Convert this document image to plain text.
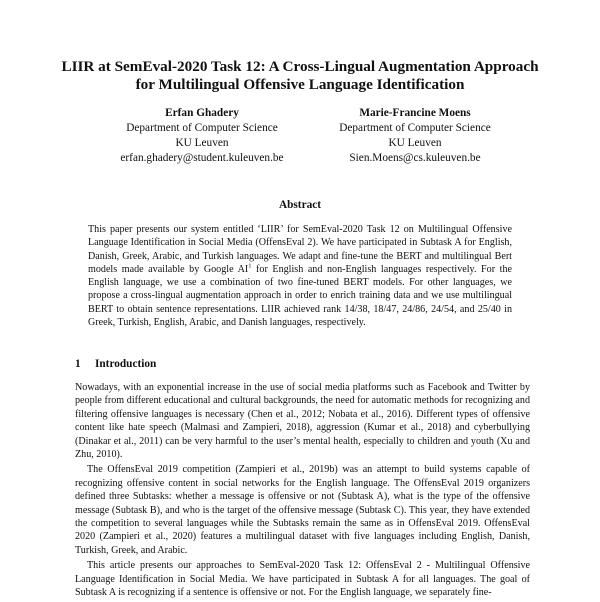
LIIR at SemEval-2020 Task 12: A Cross-Lingual Augmentation Approach
for Multilingual Offensive Language Identification
Erfan Ghadery
Department of Computer Science
KU Leuven
erfan.ghadery@student.kuleuven.be
Marie-Francine Moens
Department of Computer Science
KU Leuven
Sien.Moens@cs.kuleuven.be
Abstract

This paper presents our system entitled ‘LIIR’ for SemEval-2020 Task 12 on Multilingual Offensive Language Identification in Social Media (OffensEval 2). We have participated in Subtask A for English, Danish, Greek, Arabic, and Turkish languages. We adapt and fine-tune the BERT and multilingual Bert models made available by Google $AI^1$ for English and non-English languages respectively. For the English language, we use a combination of two fine-tuned BERT models. For other languages, we propose a cross-lingual augmentation approach in order to enrich training data and we use multilingual BERT to obtain sentence representations. LIIR achieved rank 14/38, 18/47, 24/86, 24/54, and 25/40 in Greek, Turkish, English, Arabic, and Danish languages, respectively.

1 Introduction

Nowadays, with an exponential increase in the use of social media platforms such as Facebook and Twitter by people from different educational and cultural backgrounds, the need for automatic methods for recognizing and filtering offensive languages is necessary (Chen et al., 2012; Nobata et al., 2016). Different types of offensive content like hate speech (Malmasi and Zampieri, 2018), aggression (Kumar et al., 2018) and cyberbullying (Dinakar et al., 2011) can be very harmful to the user’s mental health, especially to children and youth (Xu and Zhu, 2010).

The OffensEval 2019 competition (Zampieri et al., 2019b) was an attempt to build systems capable of recognizing offensive content in social networks for the English language. The OffensEval 2019 organizers defined three Subtasks: whether a message is offensive or not (Subtask A), what is the type of the offensive message (Subtask B), and who is the target of the offensive message (Subtask C). This year, they have extended the competition to several languages while the Subtasks remain the same as in OffensEval 2019. OffensEval 2020 (Zampieri et al., 2020) features a multilingual dataset with five languages including English, Danish, Turkish, Greek, and Arabic.

This article presents our approaches to SemEval-2020 Task 12: OffensEval 2 - Multilingual Offensive Language Identification in Social Media. We have participated in Subtask A for all languages. The goal of Subtask A is recognizing if a sentence is offensive or not. For the English language, we separately fine-
